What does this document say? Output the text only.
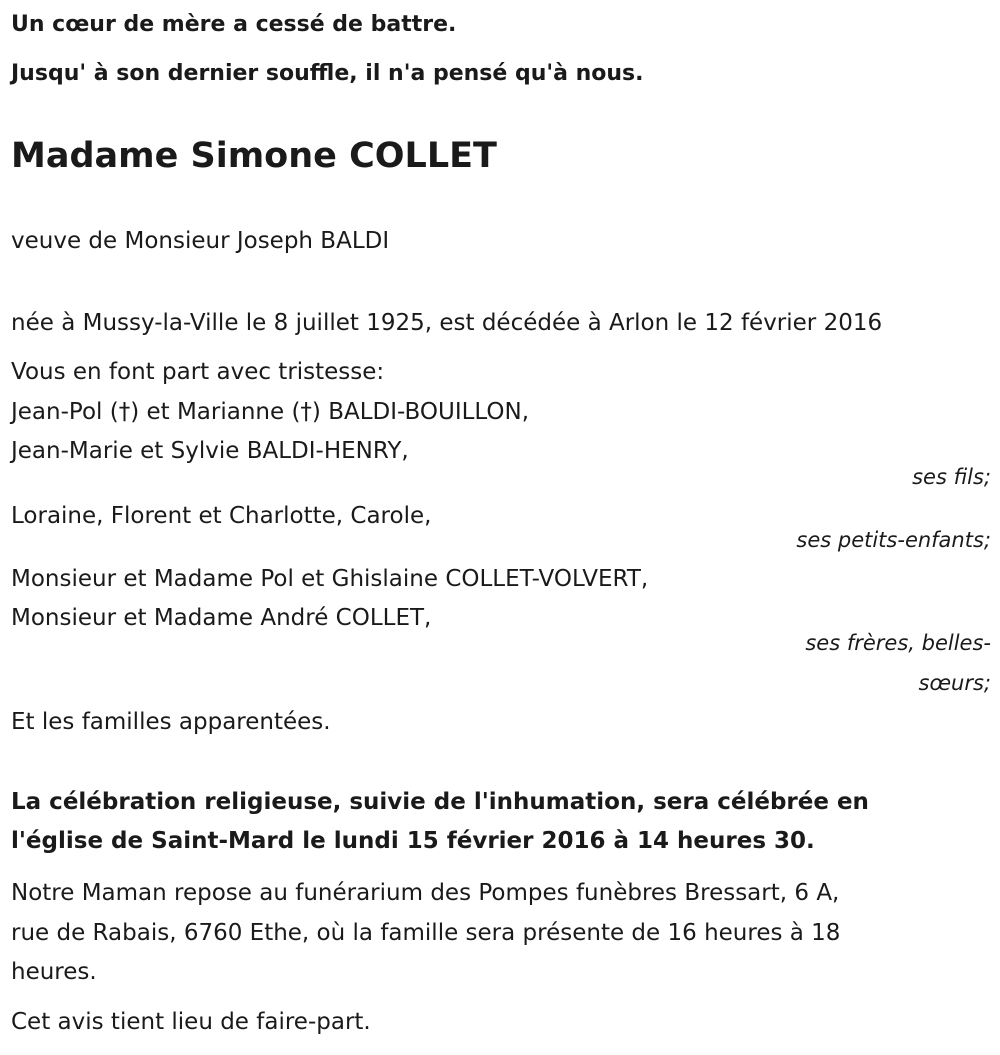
Un cœur de mère a cessé de battre.
Jusqu' à son dernier souffle, il n'a pensé qu'à nous.
Madame Simone COLLET
veuve de Monsieur Joseph BALDI
née à Mussy-la-Ville le 8 juillet 1925, est décédée à Arlon le 12 février 2016
Vous en font part avec tristesse:
Jean-Pol (†) et Marianne (†) BALDI-BOUILLON,
Jean-Marie et Sylvie BALDI-HENRY,
ses fils;
Loraine, Florent et Charlotte, Carole,
ses petits-enfants;
Monsieur et Madame Pol et Ghislaine COLLET-VOLVERT,
Monsieur et Madame André COLLET,
ses frères, belles-
sœurs;
Et les familles apparentées.
La célébration religieuse, suivie de l'inhumation, sera célébrée en
l'église de Saint-Mard le lundi 15 février 2016 à 14 heures 30.
Notre Maman repose au funérarium des Pompes funèbres Bressart, 6 A,
rue de Rabais, 6760 Ethe, où la famille sera présente de 16 heures à 18
heures.
Cet avis tient lieu de faire-part.
